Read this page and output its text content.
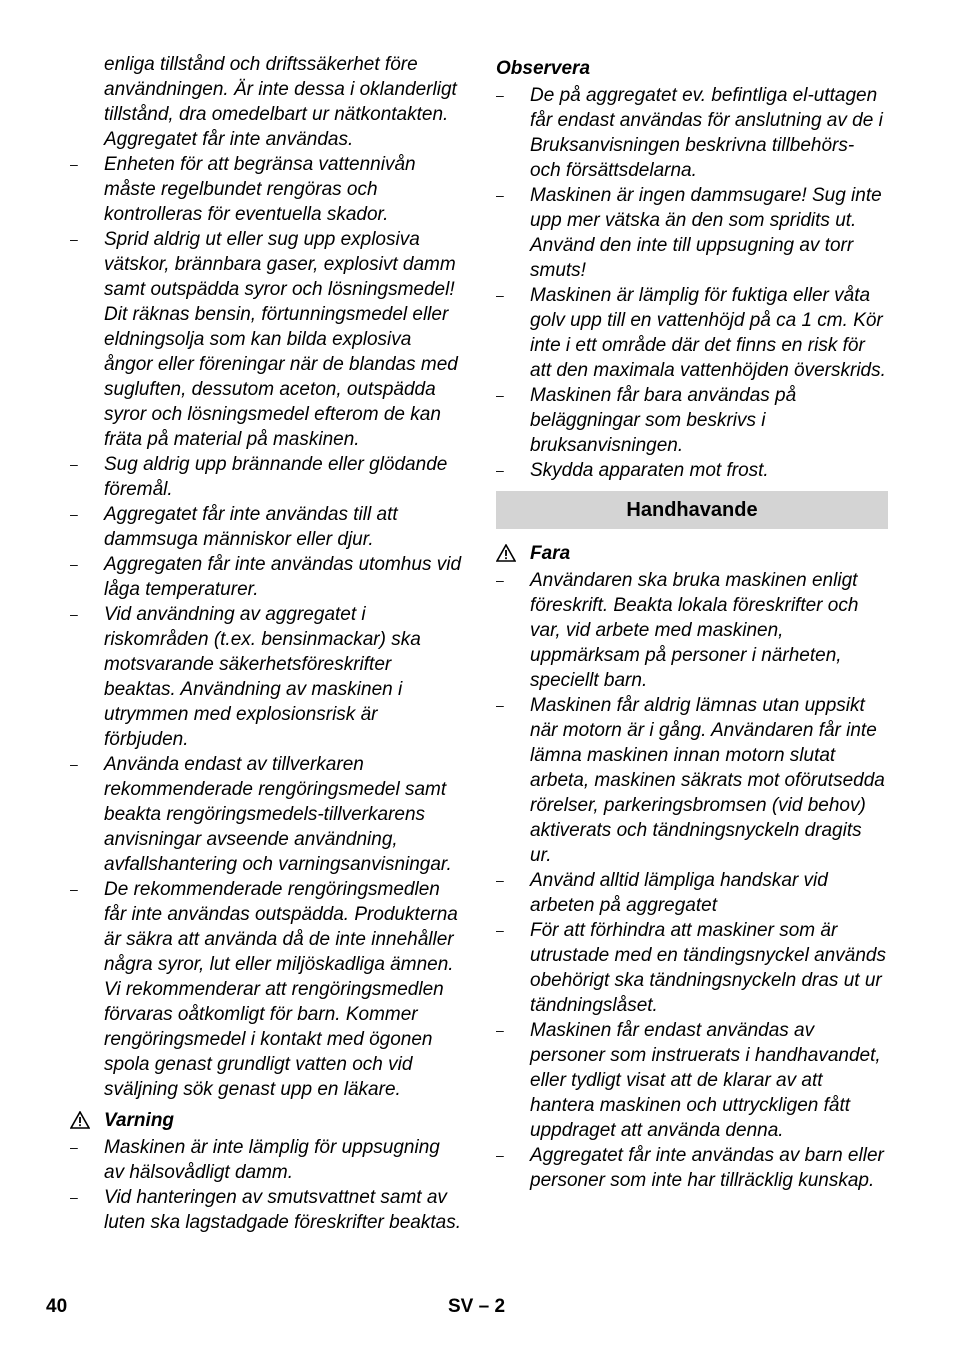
enliga tillstånd och driftssäkerhet före användningen. Är inte dessa i oklanderligt tillstånd, dra omedelbart ur nätkontakten. Aggregatet får inte användas.
– Enheten för att begränsa vattennivån måste regelbundet rengöras och kontrolleras för eventuella skador.
– Sprid aldrig ut eller sug upp explosiva vätskor, brännbara gaser, explosivt damm samt outspädda syror och lösningsmedel! Dit räknas bensin, förtunningsmedel eller eldningsolja som kan bilda explosiva ångor eller föreningar när de blandas med sugluften, dessutom aceton, outspädda syror och lösningsmedel efterom de kan fräta på material på maskinen.
– Sug aldrig upp brännande eller glödande föremål.
– Aggregatet får inte användas till att dammsuga människor eller djur.
– Aggregaten får inte användas utomhus vid låga temperaturer.
– Vid användning av aggregatet i riskområden (t.ex. bensinmackar) ska motsvarande säkerhetsföreskrifter beaktas. Användning av maskinen i utrymmen med explosionsrisk är förbjuden.
– Använda endast av tillverkaren rekommenderade rengöringsmedel samt beakta rengöringsmedels-tillverkarens anvisningar avseende användning, avfallshantering och varningsanvisningar.
– De rekommenderade rengöringsmedlen får inte användas outspädda. Produkterna är säkra att använda då de inte innehåller några syror, lut eller miljöskadliga ämnen. Vi rekommenderar att rengöringsmedlen förvaras oåtkomligt för barn. Kommer rengöringsmedel i kontakt med ögonen spola genast grundligt vatten och vid sväljning sök genast upp en läkare.
Varning
– Maskinen är inte lämplig för uppsugning av hälsovådligt damm.
– Vid hanteringen av smutsvattnet samt av luten ska lagstadgade föreskrifter beaktas.
Observera
– De på aggregatet ev. befintliga el-uttagen får endast användas för anslutning av de i Bruksanvisningen beskrivna tillbehörs- och försättsdelarna.
– Maskinen är ingen dammsugare! Sug inte upp mer vätska än den som spridits ut. Använd den inte till uppsugning av torr smuts!
– Maskinen är lämplig för fuktiga eller våta golv upp till en vattenhöjd på ca 1 cm. Kör inte i ett område där det finns en risk för att den maximala vattenhöjden överskrids.
– Maskinen får bara användas på beläggningar som beskrivs i bruksanvisningen.
– Skydda apparaten mot frost.
Handhavande
Fara
– Användaren ska bruka maskinen enligt föreskrift. Beakta lokala föreskrifter och var, vid arbete med maskinen, uppmärksam på personer i närheten, speciellt barn.
– Maskinen får aldrig lämnas utan uppsikt när motorn är i gång. Användaren får inte lämna maskinen innan motorn slutat arbeta, maskinen säkrats mot oförutsedda rörelser, parkeringsbromsen (vid behov) aktiverats och tändningsnyckeln dragits ur.
– Använd alltid lämpliga handskar vid arbeten på aggregatet
– För att förhindra att maskiner som är utrustade med en tändingsnyckel används obehörigt ska tändningsnyckeln dras ut ur tändningslåset.
– Maskinen får endast användas av personer som instruerats i handhavandet, eller tydligt visat att de klarar av att hantera maskinen och uttryckligen fått uppdraget att använda denna.
– Aggregatet får inte användas av barn eller personer som inte har tillräcklig kunskap.
40	SV – 2
